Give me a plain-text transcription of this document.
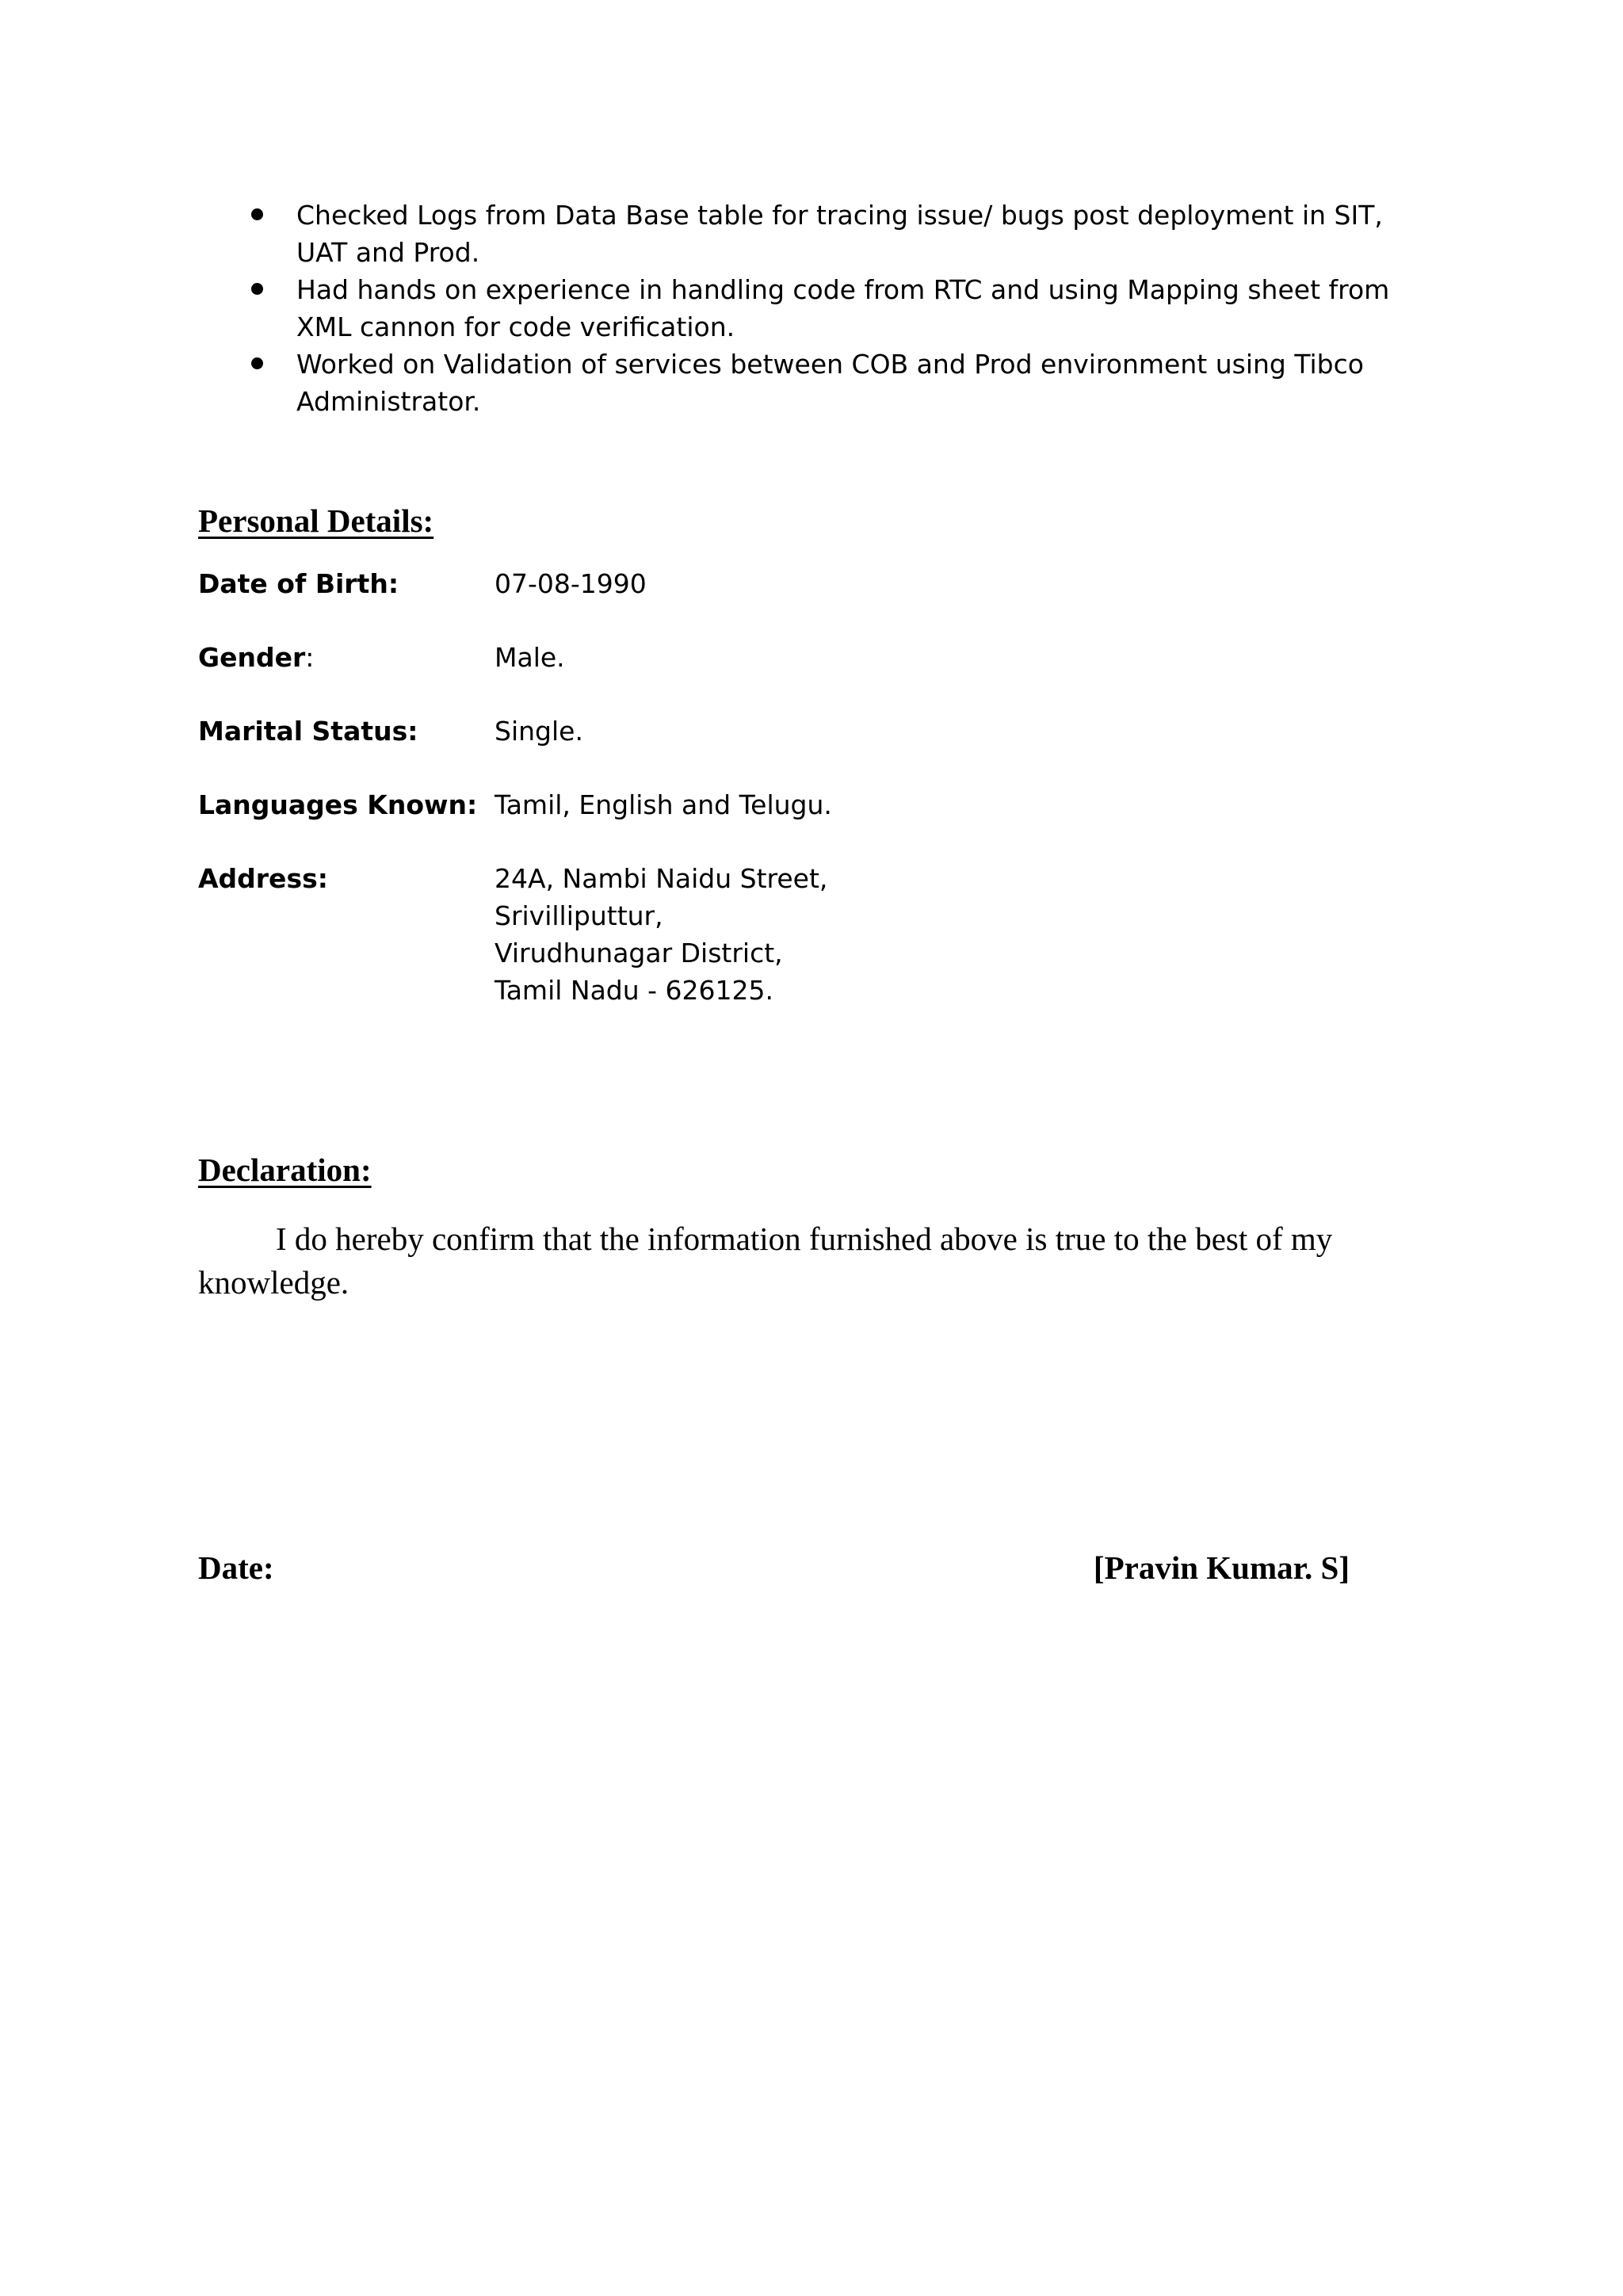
Checked Logs from Data Base table for tracing issue/ bugs post deployment in SIT, UAT and Prod.
Had hands on experience in handling code from RTC and using Mapping sheet from XML cannon for code verification.
Worked on Validation of services between COB and Prod environment using Tibco Administrator.
Personal Details:
Date of Birth:	07-08-1990
Gender:	Male.
Marital Status:	Single.
Languages Known: Tamil, English and Telugu.
Address:	24A, Nambi Naidu Street,
Srivilliputtur,
Virudhunagar District,
Tamil Nadu - 626125.
Declaration:

I do hereby confirm that the information furnished above is true to the best of my knowledge.

Date:	[Pravin Kumar. S]
